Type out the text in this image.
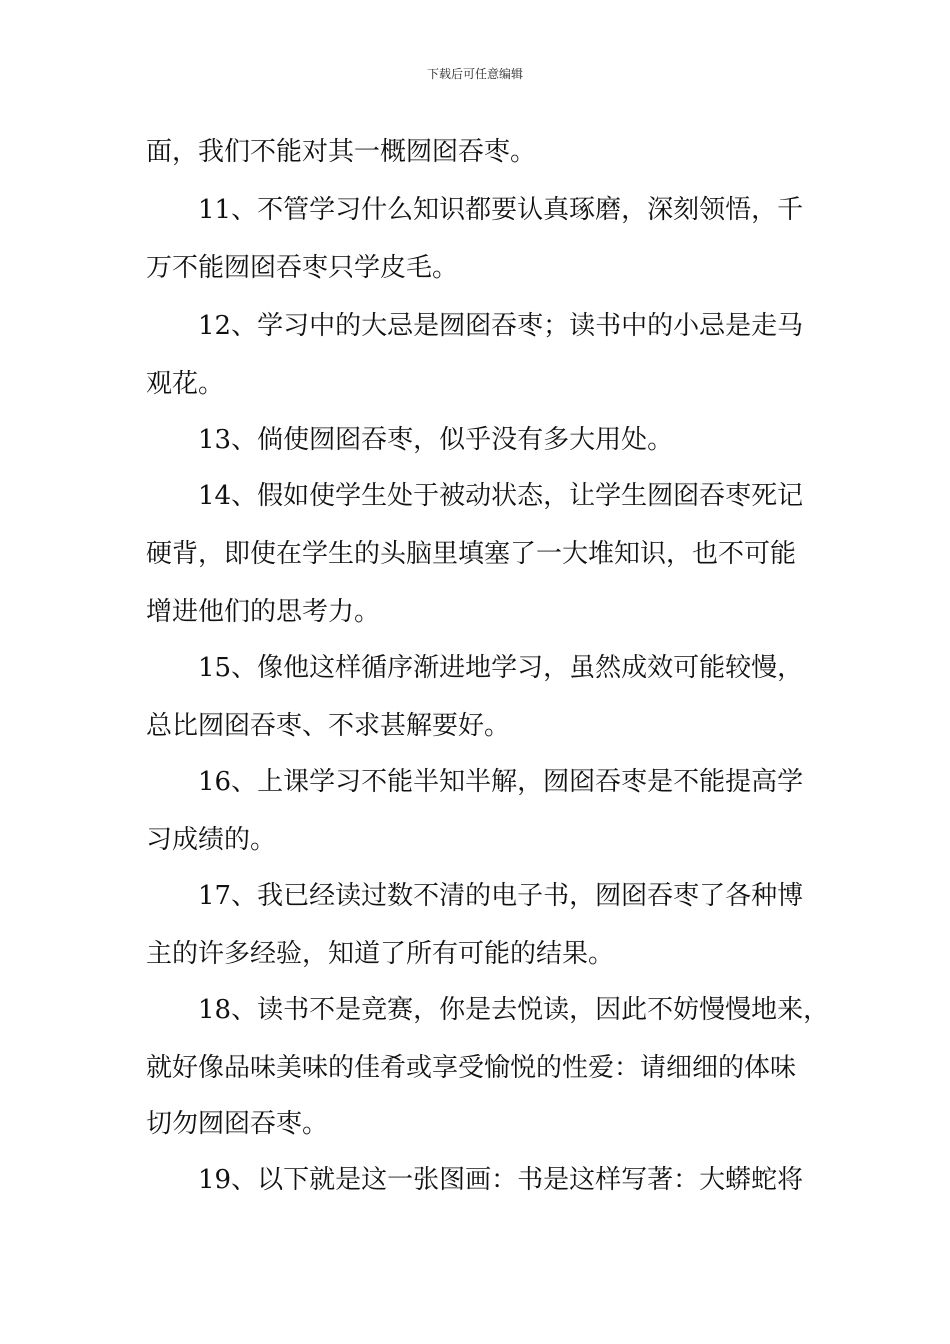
下载后可任意编辑
面，我们不能对其一概囫囵吞枣。
11、不管学习什么知识都要认真琢磨，深刻领悟，千
万不能囫囵吞枣只学皮毛。
12、学习中的大忌是囫囵吞枣；读书中的小忌是走马
观花。
13、倘使囫囵吞枣，似乎没有多大用处。
14、假如使学生处于被动状态，让学生囫囵吞枣死记
硬背，即使在学生的头脑里填塞了一大堆知识，也不可能
增进他们的思考力。
15、像他这样循序渐进地学习，虽然成效可能较慢，
总比囫囵吞枣、不求甚解要好。
16、上课学习不能半知半解，囫囵吞枣是不能提高学
习成绩的。
17、我已经读过数不清的电子书，囫囵吞枣了各种博
主的许多经验，知道了所有可能的结果。
18、读书不是竞赛，你是去悦读，因此不妨慢慢地来，
就好像品味美味的佳肴或享受愉悦的性爱：请细细的体味
切勿囫囵吞枣。
19、以下就是这一张图画：书是这样写著：大蟒蛇将
